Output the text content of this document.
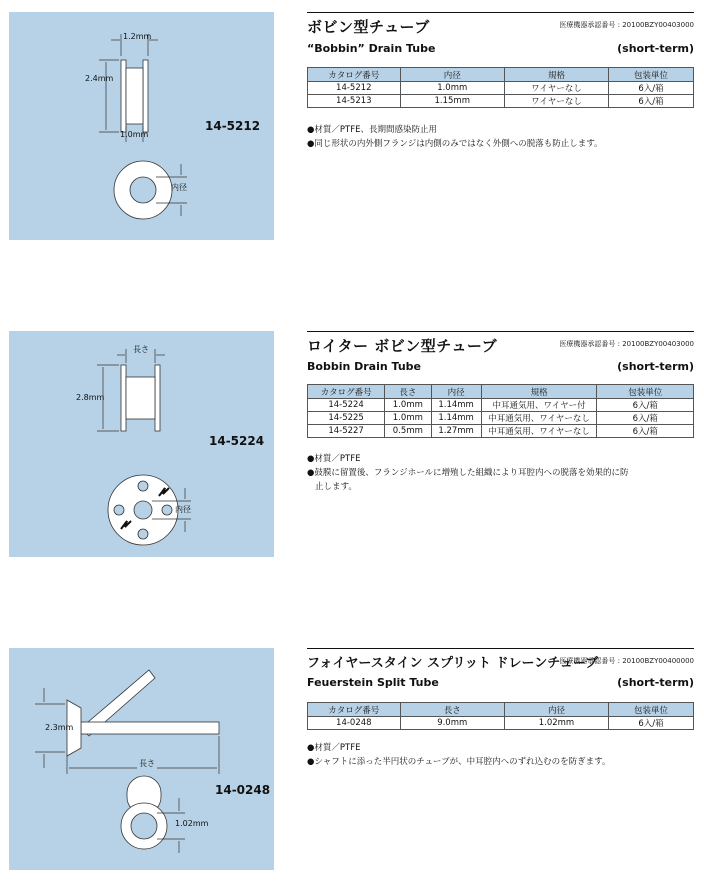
1.2mm
2.4mm
1.0mm
内径
14-5212
ボビン型チューブ	医療機器承認番号 : 20100BZY00403000
“Bobbin” Drain Tube	(short-term)
カタログ番号	内径	規格	包装単位
14-5212	1.0mm	ワイヤーなし	6入/箱
14-5213	1.15mm	ワイヤーなし	6入/箱
●材質／PTFE、長期間感染防止用
●同じ形状の内外側フランジは内側のみではなく外側への脱落も防止します。
長さ
2.8mm
内径
14-5224
ロイター ボビン型チューブ	医療機器承認番号 : 20100BZY00403000
Bobbin Drain Tube	(short-term)
カタログ番号	長さ	内径	規格	包装単位
14-5224	1.0mm	1.14mm	中耳通気用、ワイヤー付	6入/箱
14-5225	1.0mm	1.14mm	中耳通気用、ワイヤーなし	6入/箱
14-5227	0.5mm	1.27mm	中耳通気用、ワイヤーなし	6入/箱
●材質／PTFE
●鼓膜に留置後、フランジホールに増殖した組織により耳腔内への脱落を効果的に防
止します。
2.3mm
長さ
1.02mm
14-0248
フォイヤースタイン スプリット ドレーンチューブ
医療機器承認番号 : 20100BZY00400000
Feuerstein Split Tube	(short-term)
カタログ番号	長さ	内径	包装単位
14-0248	9.0mm	1.02mm	6入/箱
●材質／PTFE
●シャフトに添った半円状のチューブが、中耳腔内へのずれ込むのを防ぎます。
